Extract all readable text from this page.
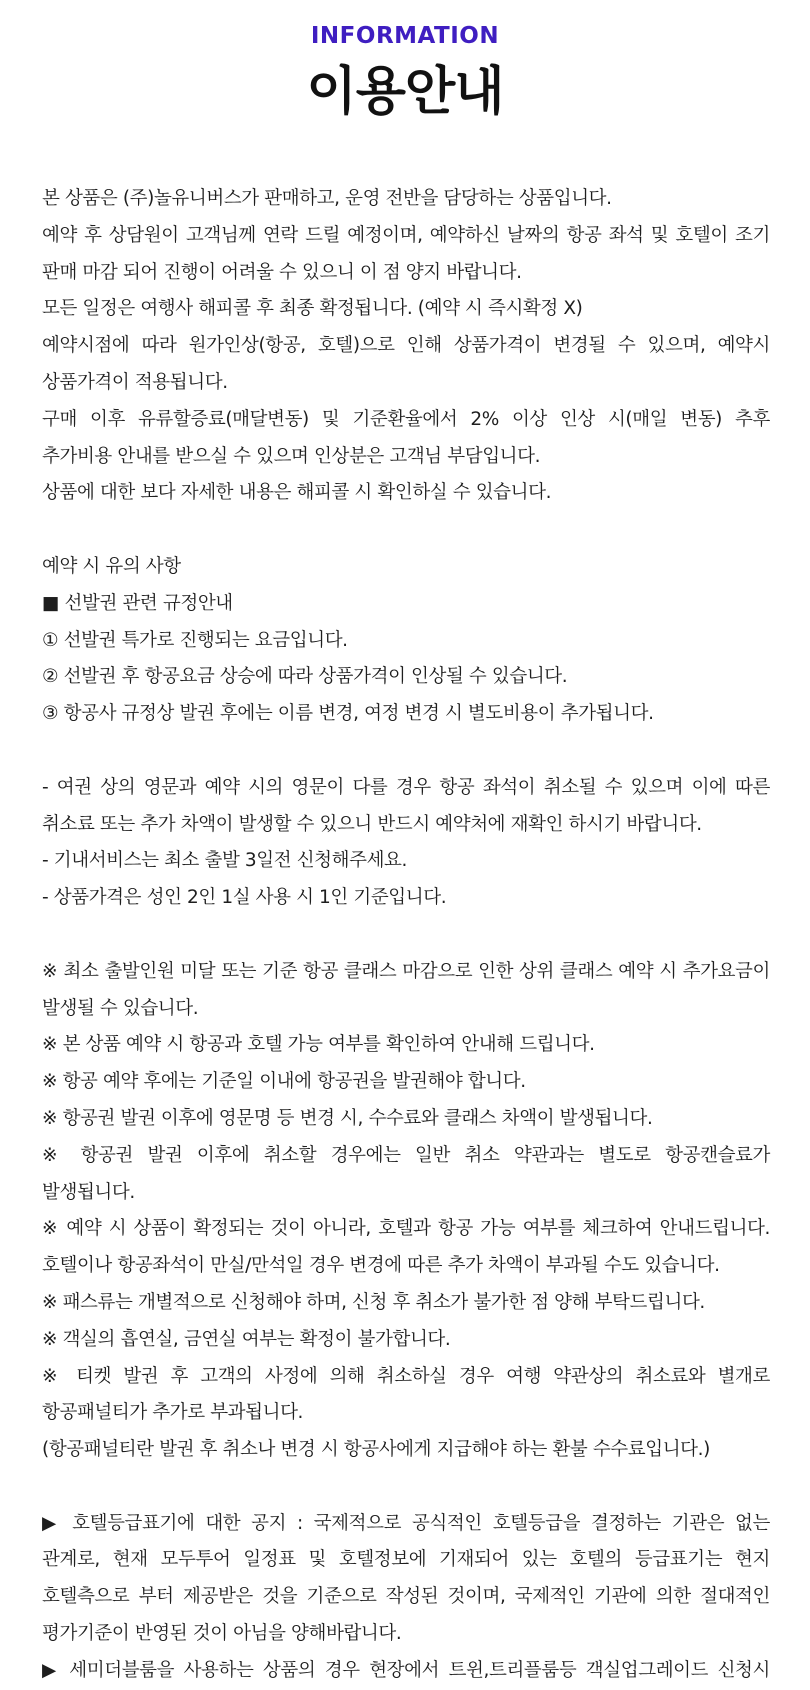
INFORMATION
이용안내

본 상품은 (주)놀유니버스가 판매하고, 운영 전반을 담당하는 상품입니다.

예약 후 상담원이 고객님께 연락 드릴 예정이며, 예약하신 날짜의 항공 좌석 및 호텔이 조기

판매 마감 되어 진행이 어려울 수 있으니 이 점 양지 바랍니다.

모든 일정은 여행사 해피콜 후 최종 확정됩니다. (예약 시 즉시확정 X)

예약시점에 따라 원가인상(항공, 호텔)으로 인해 상품가격이 변경될 수 있으며, 예약시

상품가격이 적용됩니다.

구매 이후 유류할증료(매달변동) 및 기준환율에서 2% 이상 인상 시(매일 변동) 추후

추가비용 안내를 받으실 수 있으며 인상분은 고객님 부담입니다.

상품에 대한 보다 자세한 내용은 해피콜 시 확인하실 수 있습니다.

예약 시 유의 사항

■ 선발권 관련 규정안내

① 선발권 특가로 진행되는 요금입니다.

② 선발권 후 항공요금 상승에 따라 상품가격이 인상될 수 있습니다.

③ 항공사 규정상 발권 후에는 이름 변경, 여정 변경 시 별도비용이 추가됩니다.

- 여권 상의 영문과 예약 시의 영문이 다를 경우 항공 좌석이 취소될 수 있으며 이에 따른

취소료 또는 추가 차액이 발생할 수 있으니 반드시 예약처에 재확인 하시기 바랍니다.

- 기내서비스는 최소 출발 3일전 신청해주세요.

- 상품가격은 성인 2인 1실 사용 시 1인 기준입니다.

※ 최소 출발인원 미달 또는 기준 항공 클래스 마감으로 인한 상위 클래스 예약 시 추가요금이

발생될 수 있습니다.

※ 본 상품 예약 시 항공과 호텔 가능 여부를 확인하여 안내해 드립니다.

※ 항공 예약 후에는 기준일 이내에 항공권을 발권해야 합니다.

※ 항공권 발권 이후에 영문명 등 변경 시, 수수료와 클래스 차액이 발생됩니다.

※ 항공권 발권 이후에 취소할 경우에는 일반 취소 약관과는 별도로 항공캔슬료가

발생됩니다.

※ 예약 시 상품이 확정되는 것이 아니라, 호텔과 항공 가능 여부를 체크하여 안내드립니다.

호텔이나 항공좌석이 만실/만석일 경우 변경에 따른 추가 차액이 부과될 수도 있습니다.

※ 패스류는 개별적으로 신청해야 하며, 신청 후 취소가 불가한 점 양해 부탁드립니다.

※ 객실의 흡연실, 금연실 여부는 확정이 불가합니다.

※ 티켓 발권 후 고객의 사정에 의해 취소하실 경우 여행 약관상의 취소료와 별개로

항공패널티가 추가로 부과됩니다.

(항공패널티란 발권 후 취소나 변경 시 항공사에게 지급해야 하는 환불 수수료입니다.)

▶ 호텔등급표기에 대한 공지 : 국제적으로 공식적인 호텔등급을 결정하는 기관은 없는

관계로, 현재 모두투어 일정표 및 호텔정보에 기재되어 있는 호텔의 등급표기는 현지

호텔측으로 부터 제공받은 것을 기준으로 작성된 것이며, 국제적인 기관에 의한 절대적인

평가기준이 반영된 것이 아님을 양해바랍니다.

▶ 세미더블룸을 사용하는 상품의 경우 현장에서 트윈,트리플룸등 객실업그레이드 신청시
